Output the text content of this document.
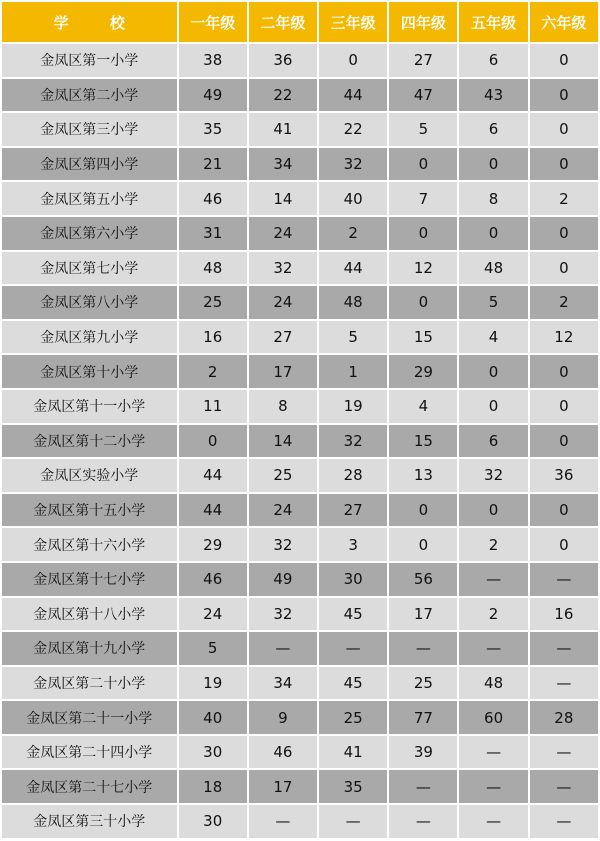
学 校	一年级	二年级	三年级	四年级	五年级	六年级
金凤区第一小学	38	36	0	27	6	0
金凤区第二小学	49	22	44	47	43	0
金凤区第三小学	35	41	22	5	6	0
金凤区第四小学	21	34	32	0	0	0
金凤区第五小学	46	14	40	7	8	2
金凤区第六小学	31	24	2	0	0	0
金凤区第七小学	48	32	44	12	48	0
金凤区第八小学	25	24	48	0	5	2
金凤区第九小学	16	27	5	15	4	12
金凤区第十小学	2	17	1	29	0	0
金凤区第十一小学	11	8	19	4	0	0
金凤区第十二小学	0	14	32	15	6	0
金凤区实验小学	44	25	28	13	32	36
金凤区第十五小学	44	24	27	0	0	0
金凤区第十六小学	29	32	3	0	2	0
金凤区第十七小学	46	49	30	56	—	—
金凤区第十八小学	24	32	45	17	2	16
金凤区第十九小学	5	—	—	—	—	—
金凤区第二十小学	19	34	45	25	48	—
金凤区第二十一小学	40	9	25	77	60	28
金凤区第二十四小学	30	46	41	39	—	—
金凤区第二十七小学	18	17	35	—	—	—
金凤区第三十小学	30	—	—	—	—	—
